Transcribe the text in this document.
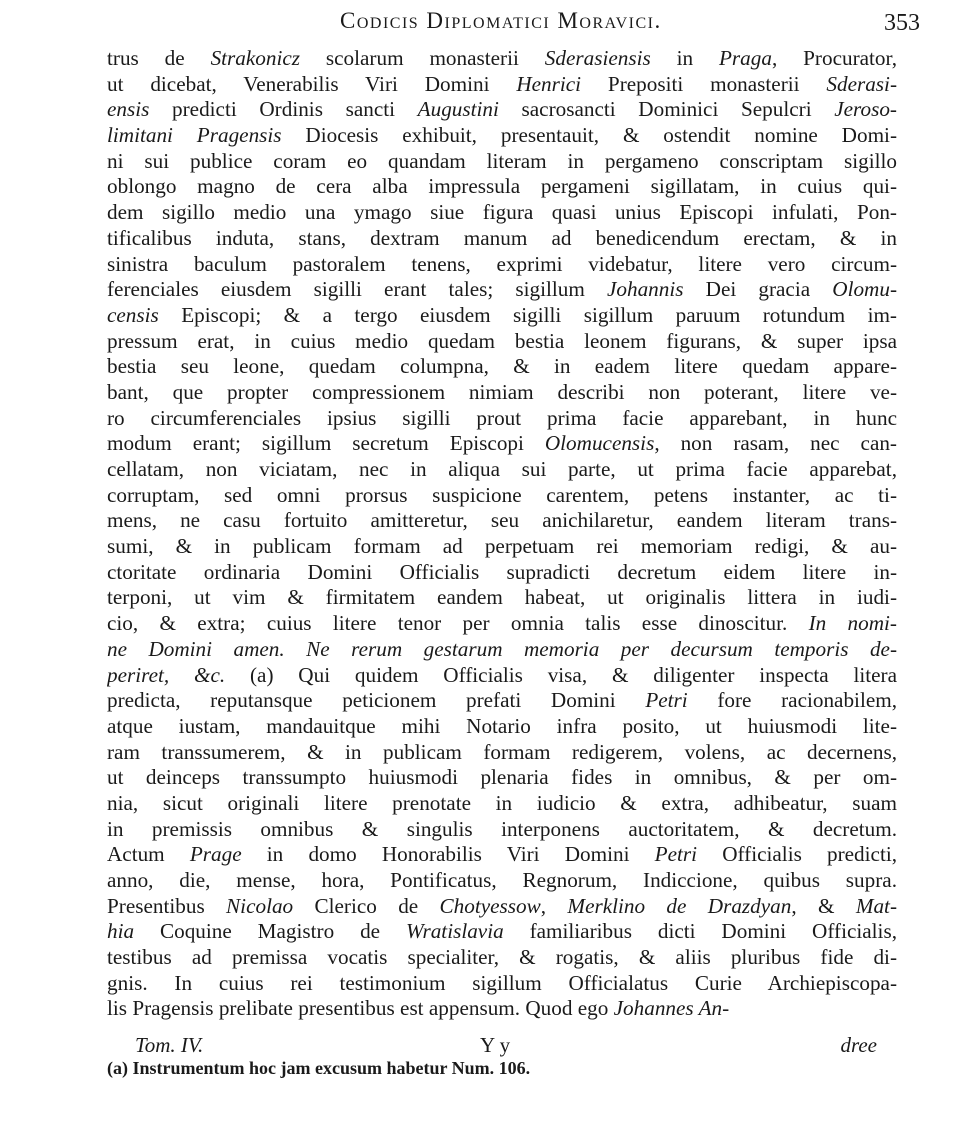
Codicis Diplomatici Moravici.	353
trus de Strakonicz scolarum monasterii Sderasiensis in Praga, Procurator,
ut dicebat, Venerabilis Viri Domini Henrici Prepositi monasterii Sderasi-
ensis predicti Ordinis sancti Augustini sacrosancti Dominici Sepulcri Jeroso-
limitani Pragensis Diocesis exhibuit, presentauit, & ostendit nomine Domi-
ni sui publice coram eo quandam literam in pergameno conscriptam sigillo
oblongo magno de cera alba impressula pergameni sigillatam, in cuius qui-
dem sigillo medio una ymago siue figura quasi unius Episcopi infulati, Pon-
tificalibus induta, stans, dextram manum ad benedicendum erectam, & in
sinistra baculum pastoralem tenens, exprimi videbatur, litere vero circum-
ferenciales eiusdem sigilli erant tales; sigillum Johannis Dei gracia Olomu-
censis Episcopi; & a tergo eiusdem sigilli sigillum paruum rotundum im-
pressum erat, in cuius medio quedam bestia leonem figurans, & super ipsa
bestia seu leone, quedam columpna, & in eadem litere quedam appare-
bant, que propter compressionem nimiam describi non poterant, litere ve-
ro circumferenciales ipsius sigilli prout prima facie apparebant, in hunc
modum erant; sigillum secretum Episcopi Olomucensis, non rasam, nec can-
cellatam, non viciatam, nec in aliqua sui parte, ut prima facie apparebat,
corruptam, sed omni prorsus suspicione carentem, petens instanter, ac ti-
mens, ne casu fortuito amitteretur, seu anichilaretur, eandem literam trans-
sumi, & in publicam formam ad perpetuam rei memoriam redigi, & au-
ctoritate ordinaria Domini Officialis supradicti decretum eidem litere in-
terponi, ut vim & firmitatem eandem habeat, ut originalis littera in iudi-
cio, & extra; cuius litere tenor per omnia talis esse dinoscitur. In nomi-
ne Domini amen. Ne rerum gestarum memoria per decursum temporis de-
periret, &c. (a) Qui quidem Officialis visa, & diligenter inspecta litera
predicta, reputansque peticionem prefati Domini Petri fore racionabilem,
atque iustam, mandauitque mihi Notario infra posito, ut huiusmodi lite-
ram transsumerem, & in publicam formam redigerem, volens, ac decernens,
ut deinceps transsumpto huiusmodi plenaria fides in omnibus, & per om-
nia, sicut originali litere prenotate in iudicio & extra, adhibeatur, suam
in premissis omnibus & singulis interponens auctoritatem, & decretum.
Actum Prage in domo Honorabilis Viri Domini Petri Officialis predicti,
anno, die, mense, hora, Pontificatus, Regnorum, Indiccione, quibus supra.
Presentibus Nicolao Clerico de Chotyessow, Merklino de Drazdyan, & Mat-
hia Coquine Magistro de Wratislavia familiaribus dicti Domini Officialis,
testibus ad premissa vocatis specialiter, & rogatis, & aliis pluribus fide di-
gnis. In cuius rei testimonium sigillum Officialatus Curie Archiepiscopa-
lis Pragensis prelibate presentibus est appensum. Quod ego Johannes An-
Tom. IV.	Y y	dree
(a) Instrumentum hoc jam excusum habetur Num. 106.
